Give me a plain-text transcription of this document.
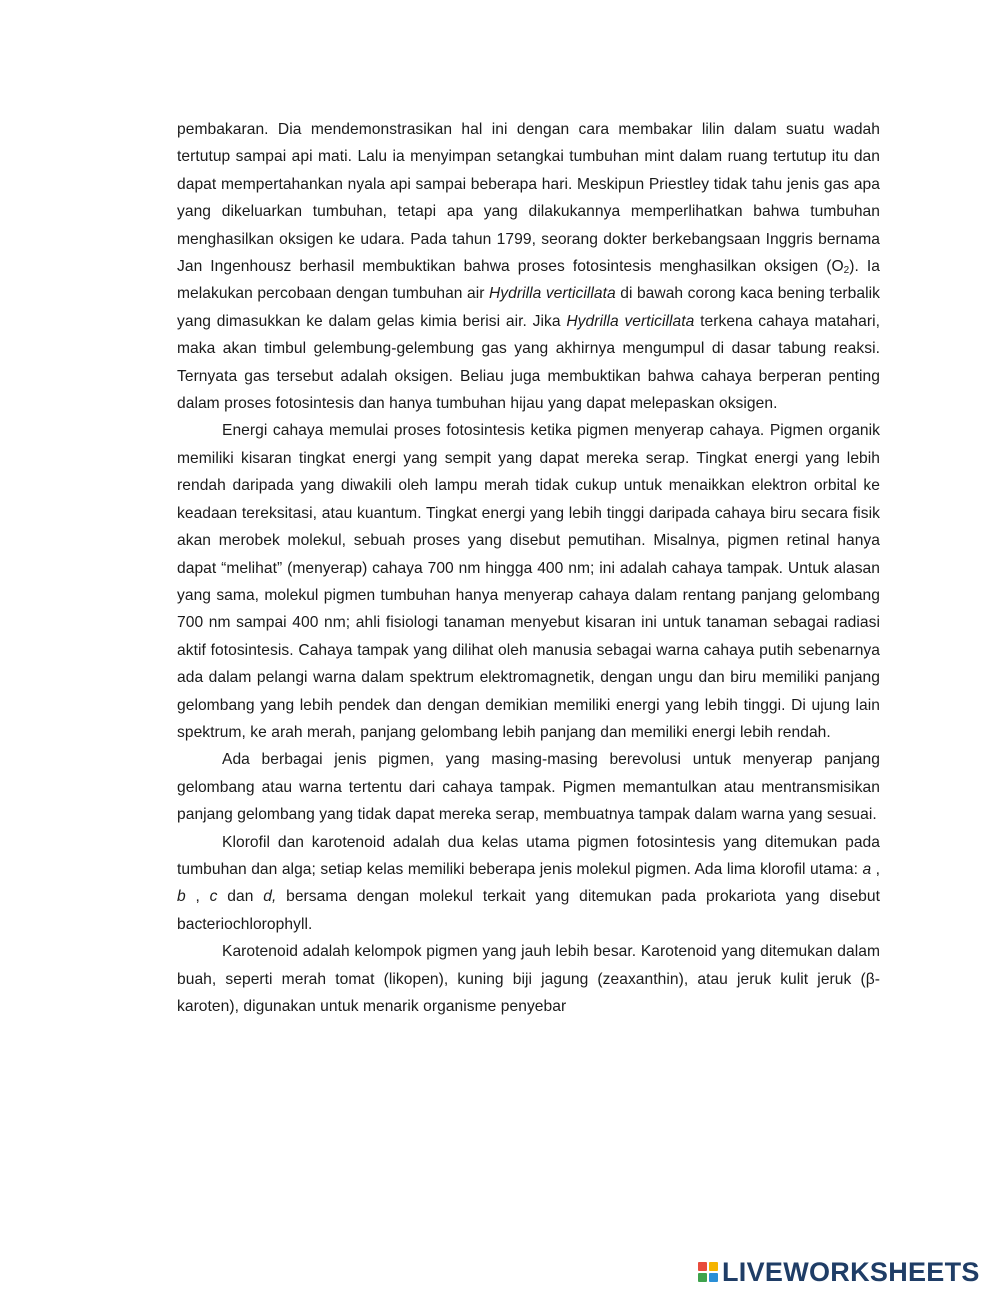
pembakaran. Dia mendemonstrasikan hal ini dengan cara membakar lilin dalam suatu wadah tertutup sampai api mati. Lalu ia menyimpan setangkai tumbuhan mint dalam ruang tertutup itu dan dapat mempertahankan nyala api sampai beberapa hari. Meskipun Priestley tidak tahu jenis gas apa yang dikeluarkan tumbuhan, tetapi apa yang dilakukannya memperlihatkan bahwa tumbuhan menghasilkan oksigen ke udara. Pada tahun 1799, seorang dokter berkebangsaan Inggris bernama Jan Ingenhousz berhasil membuktikan bahwa proses fotosintesis menghasilkan oksigen $(O_2)$. Ia melakukan percobaan dengan tumbuhan air Hydrilla verticillata di bawah corong kaca bening terbalik yang dimasukkan ke dalam gelas kimia berisi air. Jika Hydrilla verticillata terkena cahaya matahari, maka akan timbul gelembung-gelembung gas yang akhirnya mengumpul di dasar tabung reaksi. Ternyata gas tersebut adalah oksigen. Beliau juga membuktikan bahwa cahaya berperan penting dalam proses fotosintesis dan hanya tumbuhan hijau yang dapat melepaskan oksigen.

Energi cahaya memulai proses fotosintesis ketika pigmen menyerap cahaya. Pigmen organik memiliki kisaran tingkat energi yang sempit yang dapat mereka serap. Tingkat energi yang lebih rendah daripada yang diwakili oleh lampu merah tidak cukup untuk menaikkan elektron orbital ke keadaan tereksitasi, atau kuantum. Tingkat energi yang lebih tinggi daripada cahaya biru secara fisik akan merobek molekul, sebuah proses yang disebut pemutihan. Misalnya, pigmen retinal hanya dapat “melihat” (menyerap) cahaya 700 nm hingga 400 nm; ini adalah cahaya tampak. Untuk alasan yang sama, molekul pigmen tumbuhan hanya menyerap cahaya dalam rentang panjang gelombang 700 nm sampai 400 nm; ahli fisiologi tanaman menyebut kisaran ini untuk tanaman sebagai radiasi aktif fotosintesis. Cahaya tampak yang dilihat oleh manusia sebagai warna cahaya putih sebenarnya ada dalam pelangi warna dalam spektrum elektromagnetik, dengan ungu dan biru memiliki panjang gelombang yang lebih pendek dan dengan demikian memiliki energi yang lebih tinggi. Di ujung lain spektrum, ke arah merah, panjang gelombang lebih panjang dan memiliki energi lebih rendah.

Ada berbagai jenis pigmen, yang masing-masing berevolusi untuk menyerap panjang gelombang atau warna tertentu dari cahaya tampak. Pigmen memantulkan atau mentransmisikan panjang gelombang yang tidak dapat mereka serap, membuatnya tampak dalam warna yang sesuai.

Klorofil dan karotenoid adalah dua kelas utama pigmen fotosintesis yang ditemukan pada tumbuhan dan alga; setiap kelas memiliki beberapa jenis molekul pigmen. Ada lima klorofil utama: a , b , c dan d, bersama dengan molekul terkait yang ditemukan pada prokariota yang disebut bacteriochlorophyll.

Karotenoid adalah kelompok pigmen yang jauh lebih besar. Karotenoid yang ditemukan dalam buah, seperti merah tomat (likopen), kuning biji jagung (zeaxanthin), atau jeruk kulit jeruk (β-karoten), digunakan untuk menarik organisme penyebar

LIVEWORKSHEETS
